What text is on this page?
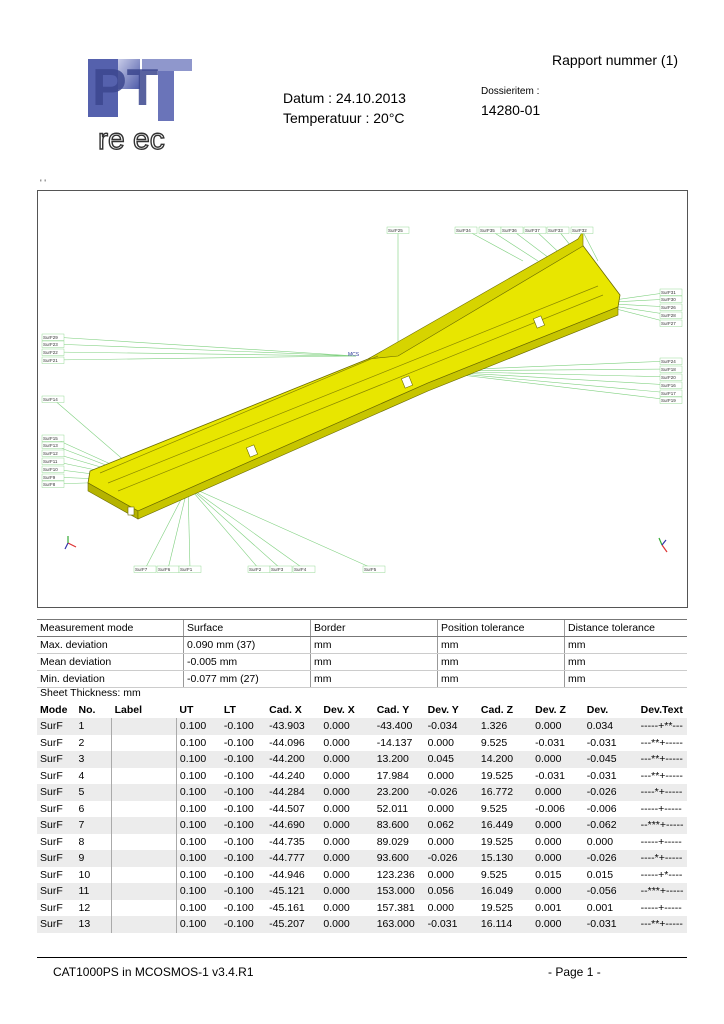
PT
re ec
Rapport nummer (1)
Datum : 24.10.2013
Temperatuur : 20°C
Dossieritem :
14280-01
' '
MCS
SurF25	SurF34 SurF35 SurF36 SurF37 SurF33 SurF32
SurF29
SurF23
SurF22
SurF21
SurF14
SurF15
SurF13
SurF12
SurF11
SurF10
SurF9
SurF8
SurF31
SurF30
SurF26
SurF28
SurF27
SurF24
SurF18
SurF20
SurF16
SurF17
SurF19
SurF7 SurF6 SurF1	SurF2 SurF3 SurF4	SurF5
Measurement mode	Surface	Border	Position tolerance	Distance tolerance
Max. deviation	0.090 mm (37)	mm	mm	mm
Mean deviation	-0.005 mm	mm	mm	mm
Min. deviation	-0.077 mm (27)	mm	mm	mm
Sheet Thickness: mm
Mode	No.	Label	UT	LT	Cad. X	Dev. X	Cad. Y	Dev. Y	Cad. Z	Dev. Z	Dev.	Dev.Text
SurF	1		0.100	-0.100	-43.903	0.000	-43.400	-0.034	1.326	0.000	0.034	-----+**---
SurF	2		0.100	-0.100	-44.096	0.000	-14.137	0.000	9.525	-0.031	-0.031	---**+-----
SurF	3		0.100	-0.100	-44.200	0.000	13.200	0.045	14.200	0.000	-0.045	---**+-----
SurF	4		0.100	-0.100	-44.240	0.000	17.984	0.000	19.525	-0.031	-0.031	---**+-----
SurF	5		0.100	-0.100	-44.284	0.000	23.200	-0.026	16.772	0.000	-0.026	----*+-----
SurF	6		0.100	-0.100	-44.507	0.000	52.011	0.000	9.525	-0.006	-0.006	-----+-----
SurF	7		0.100	-0.100	-44.690	0.000	83.600	0.062	16.449	0.000	-0.062	--***+-----
SurF	8		0.100	-0.100	-44.735	0.000	89.029	0.000	19.525	0.000	0.000	-----+-----
SurF	9		0.100	-0.100	-44.777	0.000	93.600	-0.026	15.130	0.000	-0.026	----*+-----
SurF	10		0.100	-0.100	-44.946	0.000	123.236	0.000	9.525	0.015	0.015	-----+*----
SurF	11		0.100	-0.100	-45.121	0.000	153.000	0.056	16.049	0.000	-0.056	--***+-----
SurF	12		0.100	-0.100	-45.161	0.000	157.381	0.000	19.525	0.001	0.001	-----+-----
SurF	13		0.100	-0.100	-45.207	0.000	163.000	-0.031	16.114	0.000	-0.031	---**+-----
CAT1000PS in MCOSMOS-1 v3.4.R1	- Page 1 -
